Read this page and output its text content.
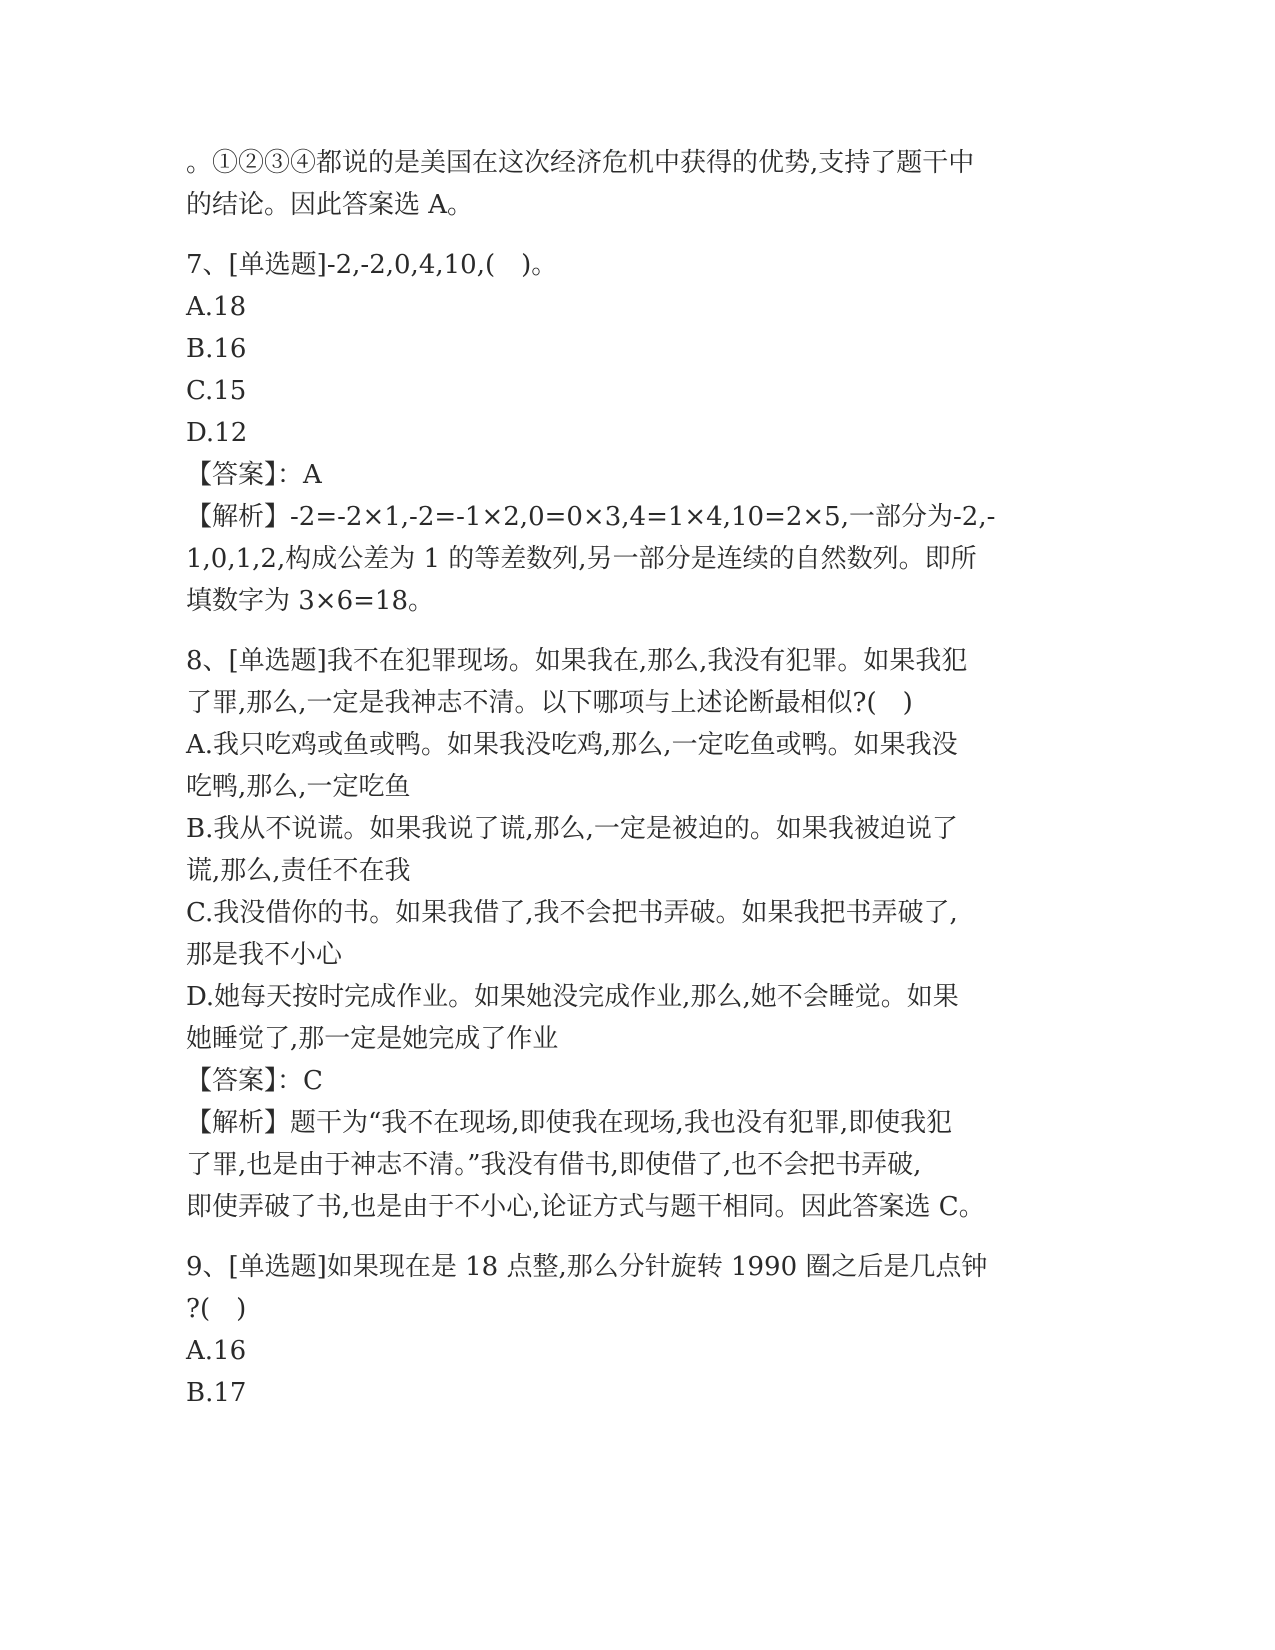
。①②③④都说的是美国在这次经济危机中获得的优势,支持了题干中
的结论。因此答案选 A。
7、[单选题]-2,-2,0,4,10,(　)。
A.18
B.16
C.15
D.12
【答案】：A
【解析】-2=-2×1,-2=-1×2,0=0×3,4=1×4,10=2×5,一部分为-2,-
1,0,1,2,构成公差为 1 的等差数列,另一部分是连续的自然数列。即所
填数字为 3×6=18。
8、[单选题]我不在犯罪现场。如果我在,那么,我没有犯罪。如果我犯
了罪,那么,一定是我神志不清。以下哪项与上述论断最相似?(　)
A.我只吃鸡或鱼或鸭。如果我没吃鸡,那么,一定吃鱼或鸭。如果我没
吃鸭,那么,一定吃鱼
B.我从不说谎。如果我说了谎,那么,一定是被迫的。如果我被迫说了
谎,那么,责任不在我
C.我没借你的书。如果我借了,我不会把书弄破。如果我把书弄破了,
那是我不小心
D.她每天按时完成作业。如果她没完成作业,那么,她不会睡觉。如果
她睡觉了,那一定是她完成了作业
【答案】：C
【解析】题干为“我不在现场,即使我在现场,我也没有犯罪,即使我犯
了罪,也是由于神志不清。”我没有借书,即使借了,也不会把书弄破,
即使弄破了书,也是由于不小心,论证方式与题干相同。因此答案选 C。
9、[单选题]如果现在是 18 点整,那么分针旋转 1990 圈之后是几点钟
?(　)
A.16
B.17
